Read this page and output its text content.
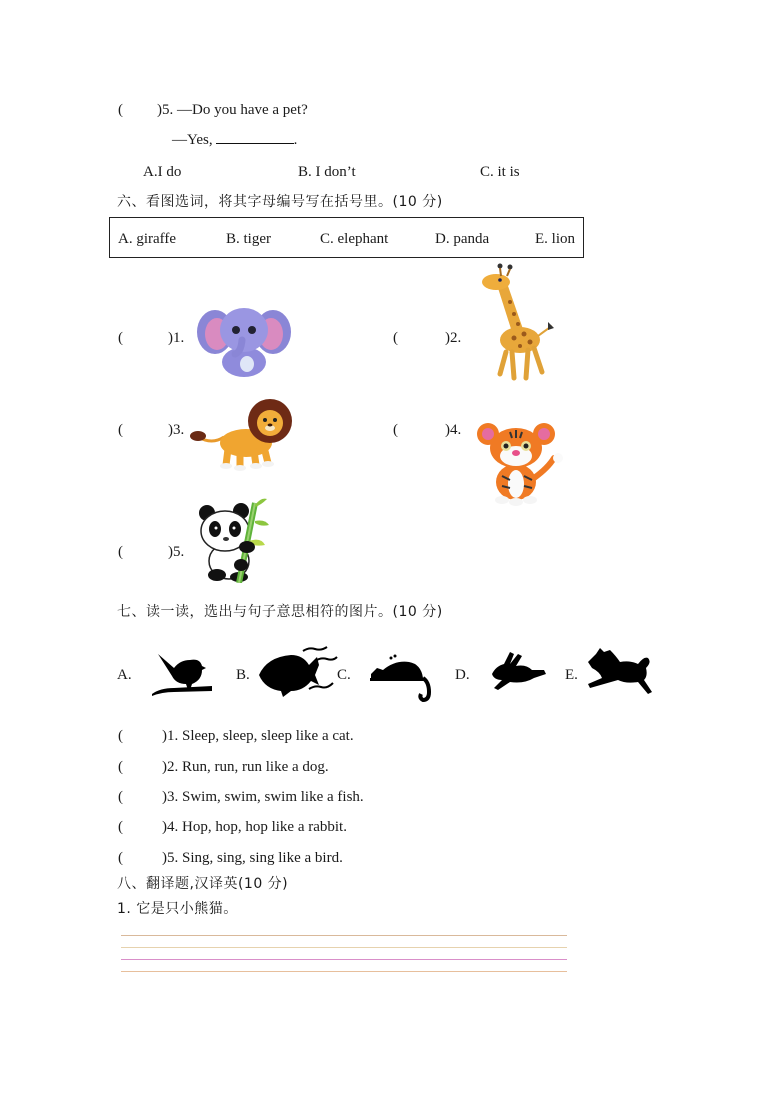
( )5. —Do you have a pet?
—Yes,	.
A.I do	B. I don’t	C. it is
六、看图选词，将其字母编号写在括号里。(10 分)
A. giraffe	B. tiger	C. elephant	D. panda	E. lion
(	)1.	(	)2.
(	)3.	(	)4.
(	)5.
七、读一读，选出与句子意思相符的图片。(10 分)
A.	B.	C.	D.	E.
(	)1. Sleep, sleep, sleep like a cat.
(	)2. Run, run, run like a dog.
(	)3. Swim, swim, swim like a fish.
(	)4. Hop, hop, hop like a rabbit.
(	)5. Sing, sing, sing like a bird.
八、翻译题,汉译英(10 分)
1. 它是只小熊猫。
